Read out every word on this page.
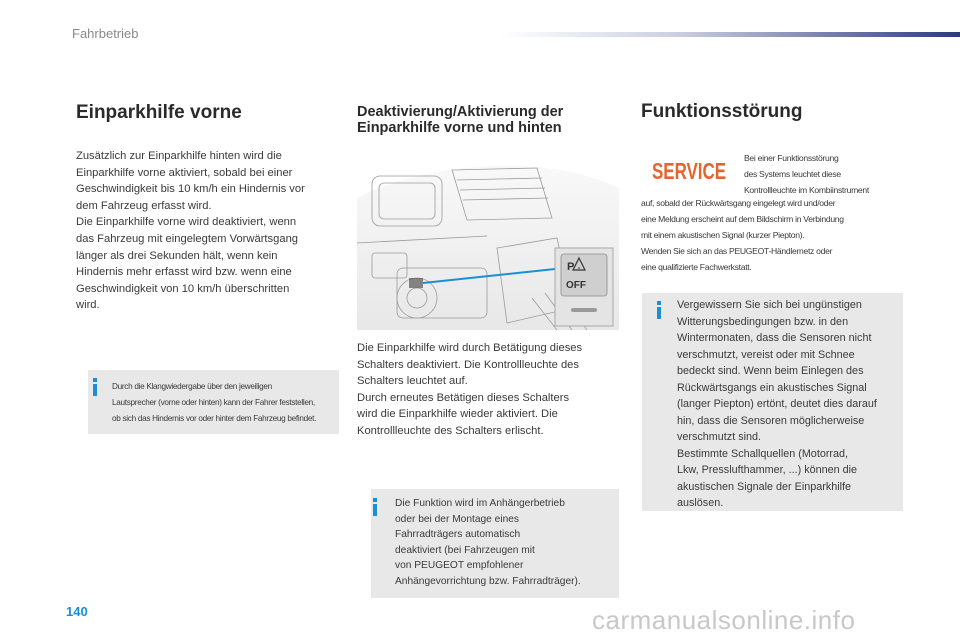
Fahrbetrieb
Einparkhilfe vorne
Zusätzlich zur Einparkhilfe hinten wird die
Einparkhilfe vorne aktiviert, sobald bei einer
Geschwindigkeit bis 10 km/h ein Hindernis vor
dem Fahrzeug erfasst wird.
Die Einparkhilfe vorne wird deaktiviert, wenn
das Fahrzeug mit eingelegtem Vorwärtsgang
länger als drei Sekunden hält, wenn kein
Hindernis mehr erfasst wird bzw. wenn eine
Geschwindigkeit von 10 km/h überschritten
wird.
Durch die Klangwiedergabe über den jeweiligen
Lautsprecher (vorne oder hinten) kann der Fahrer feststellen,
ob sich das Hindernis vor oder hinter dem Fahrzeug befindet.
Deaktivierung/Aktivierung der
Einparkhilfe vorne und hinten
P
OFF
Die Einparkhilfe wird durch Betätigung dieses
Schalters deaktiviert. Die Kontrollleuchte des
Schalters leuchtet auf.
Durch erneutes Betätigen dieses Schalters
wird die Einparkhilfe wieder aktiviert. Die
Kontrollleuchte des Schalters erlischt.
Die Funktion wird im Anhängerbetrieb
oder bei der Montage eines
Fahrradträgers automatisch
deaktiviert (bei Fahrzeugen mit
von PEUGEOT empfohlener
Anhängevorrichtung bzw. Fahrradträger).
Funktionsstörung
SERVICE Bei einer Funktionsstörung
des Systems leuchtet diese
Kontrollleuchte im Kombiinstrument
auf, sobald der Rückwärtsgang eingelegt wird und/oder
eine Meldung erscheint auf dem Bildschirm in Verbindung
mit einem akustischen Signal (kurzer Piepton).
Wenden Sie sich an das PEUGEOT-Händlernetz oder
eine qualifizierte Fachwerkstatt.
Vergewissern Sie sich bei ungünstigen
Witterungsbedingungen bzw. in den
Wintermonaten, dass die Sensoren nicht
verschmutzt, vereist oder mit Schnee
bedeckt sind. Wenn beim Einlegen des
Rückwärtsgangs ein akustisches Signal
(langer Piepton) ertönt, deutet dies darauf
hin, dass die Sensoren möglicherweise
verschmutzt sind.
Bestimmte Schallquellen (Motorrad,
Lkw, Presslufthammer, ...) können die
akustischen Signale der Einparkhilfe
auslösen.
140	carmanualsonline.info
